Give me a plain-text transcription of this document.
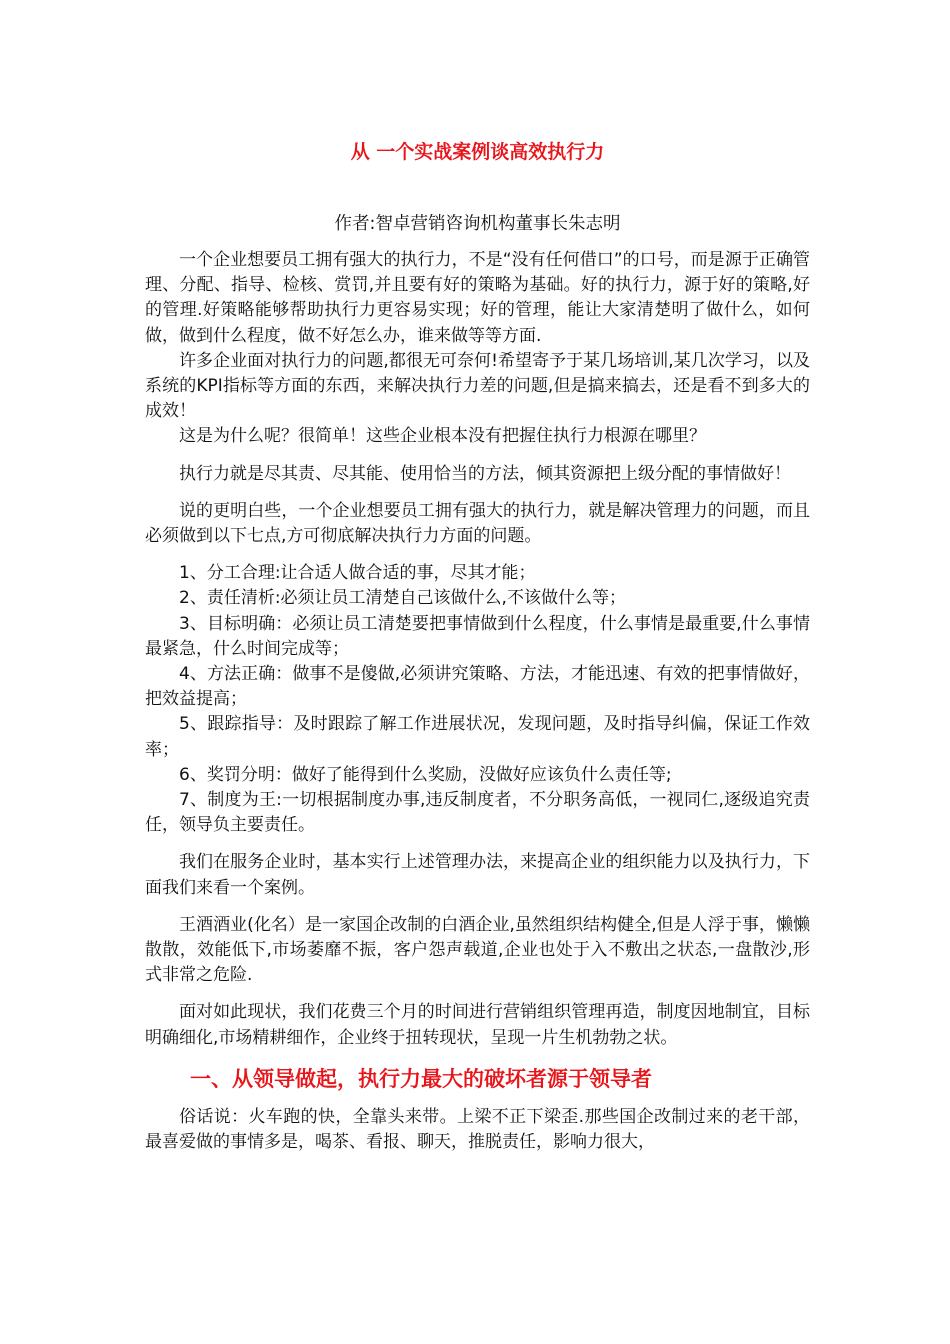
从 一个实战案例谈高效执行力

作者:智卓营销咨询机构董事长朱志明

一个企业想要员工拥有强大的执行力，不是“没有任何借口”的口号，而是源于正确管理、分配、指导、检核、赏罚,并且要有好的策略为基础。好的执行力，源于好的策略,好的管理.好策略能够帮助执行力更容易实现；好的管理，能让大家清楚明了做什么，如何做，做到什么程度，做不好怎么办，谁来做等等方面.

许多企业面对执行力的问题,都很无可奈何!希望寄予于某几场培训,某几次学习，以及系统的KPI指标等方面的东西，来解决执行力差的问题,但是搞来搞去，还是看不到多大的成效！

这是为什么呢？很简单！这些企业根本没有把握住执行力根源在哪里？

执行力就是尽其责、尽其能、使用恰当的方法，倾其资源把上级分配的事情做好！

说的更明白些，一个企业想要员工拥有强大的执行力，就是解决管理力的问题，而且必须做到以下七点,方可彻底解决执行力方面的问题。

1、分工合理:让合适人做合适的事，尽其才能；
2、责任清析:必须让员工清楚自己该做什么,不该做什么等；
3、目标明确：必须让员工清楚要把事情做到什么程度，什么事情是最重要,什么事情最紧急，什么时间完成等；
4、方法正确：做事不是傻做,必须讲究策略、方法，才能迅速、有效的把事情做好，把效益提高；
5、跟踪指导：及时跟踪了解工作进展状况，发现问题，及时指导纠偏，保证工作效率；
6、奖罚分明：做好了能得到什么奖励，没做好应该负什么责任等;
7、制度为王:一切根据制度办事,违反制度者，不分职务高低，一视同仁,逐级追究责任，领导负主要责任。

我们在服务企业时，基本实行上述管理办法，来提高企业的组织能力以及执行力，下面我们来看一个案例。

王酒酒业(化名）是一家国企改制的白酒企业,虽然组织结构健全,但是人浮于事，懒懒散散，效能低下,市场萎靡不振，客户怨声载道,企业也处于入不敷出之状态,一盘散沙,形式非常之危险.

面对如此现状，我们花费三个月的时间进行营销组织管理再造，制度因地制宜，目标明确细化,市场精耕细作，企业终于扭转现状，呈现一片生机勃勃之状。

一、从领导做起，执行力最大的破坏者源于领导者

俗话说：火车跑的快，全靠头来带。上梁不正下梁歪.那些国企改制过来的老干部，最喜爱做的事情多是，喝茶、看报、聊天，推脱责任，影响力很大，
